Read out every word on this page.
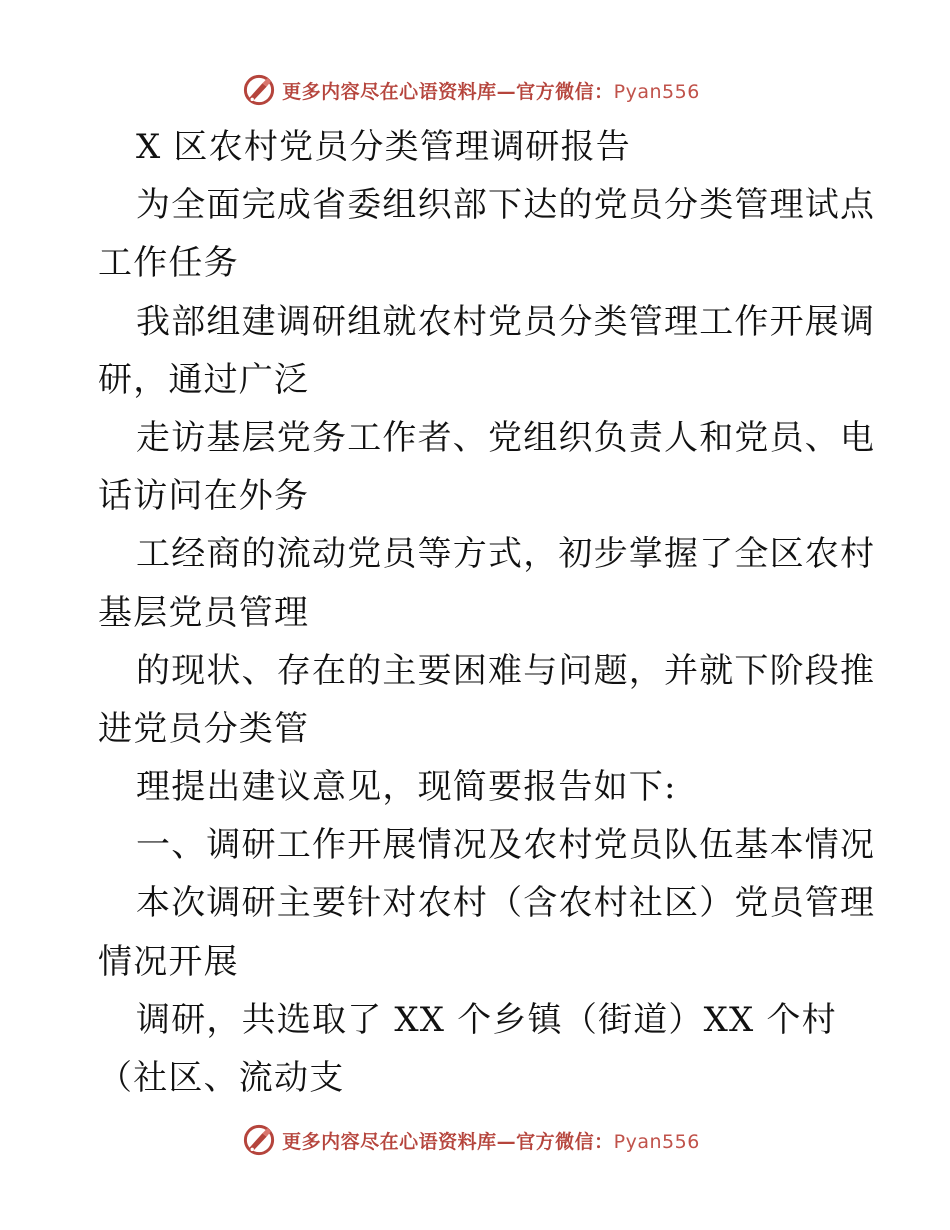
更多内容尽在心语资料库—官方微信：Pyan556
X 区农村党员分类管理调研报告
为全面完成省委组织部下达的党员分类管理试点
工作任务
我部组建调研组就农村党员分类管理工作开展调
研，通过广泛
走访基层党务工作者、党组织负责人和党员、电
话访问在外务
工经商的流动党员等方式，初步掌握了全区农村
基层党员管理
的现状、存在的主要困难与问题，并就下阶段推
进党员分类管
理提出建议意见，现简要报告如下:
一、调研工作开展情况及农村党员队伍基本情况
本次调研主要针对农村（含农村社区）党员管理
情况开展
调研，共选取了 XX 个乡镇（街道）XX 个村
（社区、流动支
更多内容尽在心语资料库—官方微信：Pyan556
